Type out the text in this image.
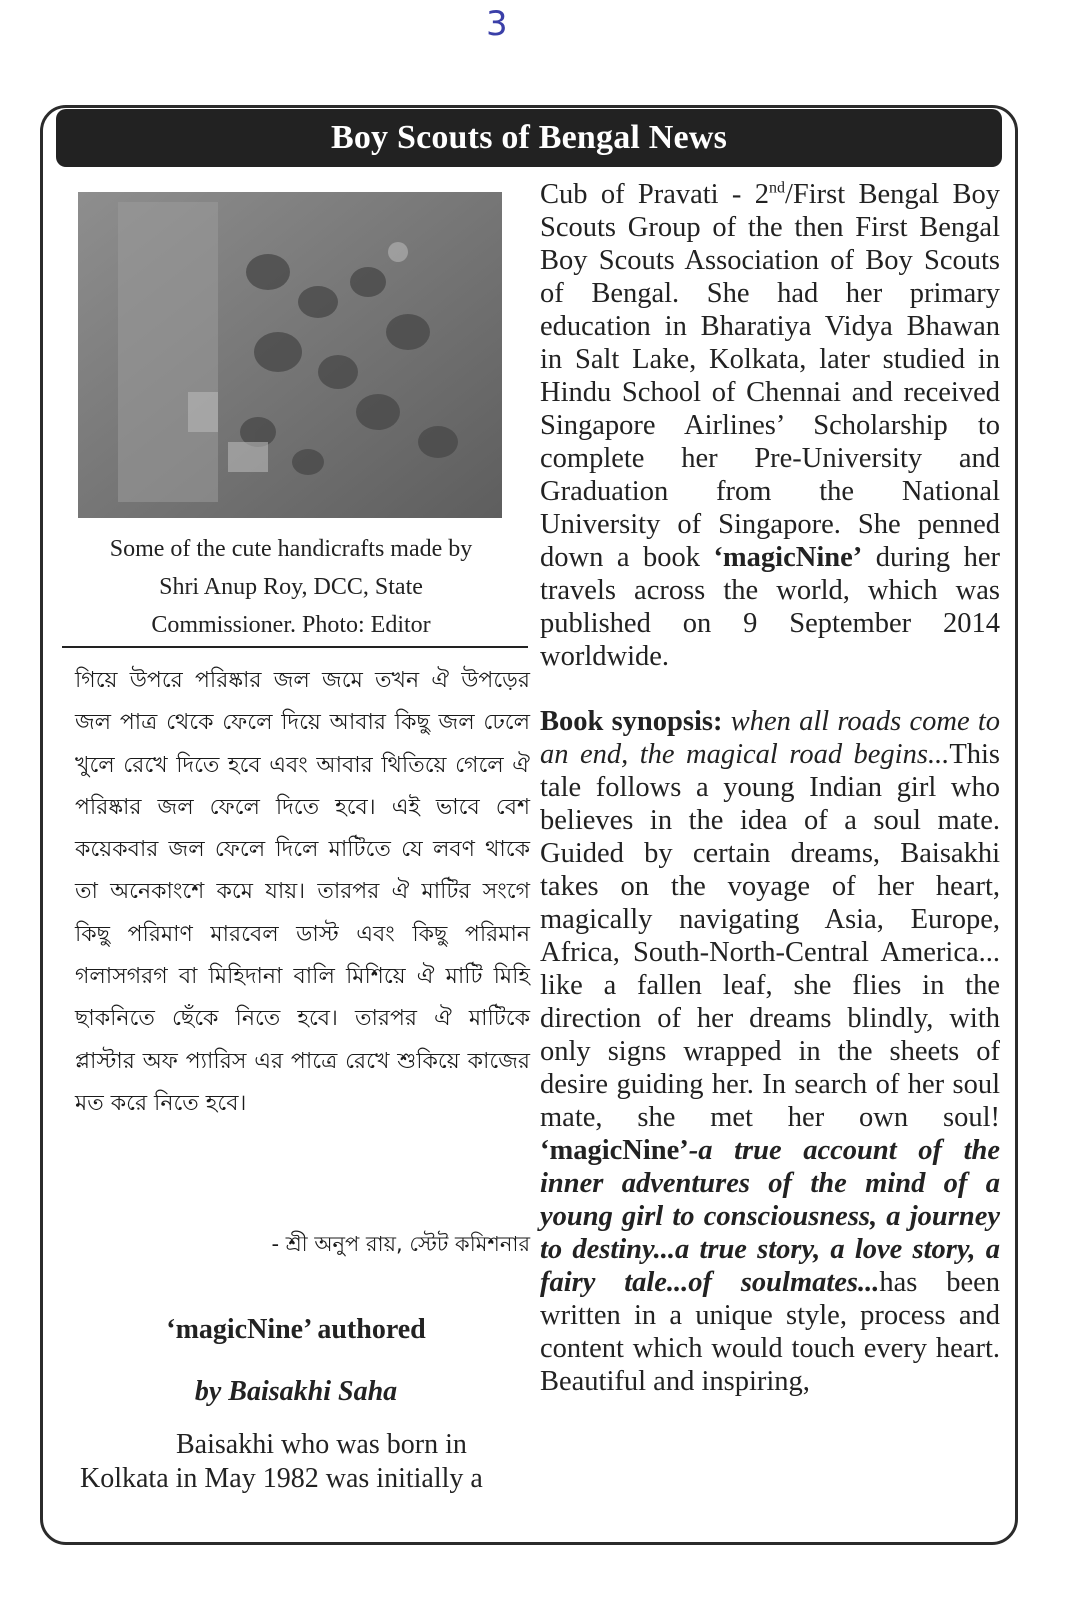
3
Boy Scouts of Bengal News
Some of the cute handicrafts made by
Shri Anup Roy, DCC, State
Commissioner. Photo: Editor
গিয়ে উপরে পরিষ্কার জল জমে তখন ঐ উপড়ের জল পাত্র থেকে ফেলে দিয়ে আবার কিছু জল ঢেলে খুলে রেখে দিতে হবে এবং আবার থিতিয়ে গেলে ঐ পরিষ্কার জল ফেলে দিতে হবে। এই ভাবে বেশ কয়েকবার জল ফেলে দিলে মাটিতে যে লবণ থাকে তা অনেকাংশে কমে যায়। তারপর ঐ মাটির সংগে কিছু পরিমাণ মারবেল ডাস্ট এবং কিছু পরিমান গলাসগরগ বা মিহিদানা বালি মিশিয়ে ঐ মাটি মিহি ছাকনিতে ছেঁকে নিতে হবে। তারপর ঐ মাটিকে প্লাস্টার অফ প্যারিস এর পাত্রে রেখে শুকিয়ে কাজের মত করে নিতে হবে।
- শ্রী অনুপ রায়, স্টেট কমিশনার
‘magicNine’ authored
by Baisakhi Saha
Baisakhi who was born in Kolkata in May 1982 was initially a

Cub of Pravati - 2nd/First Bengal Boy Scouts Group of the then First Bengal Boy Scouts Association of Boy Scouts of Bengal. She had her primary education in Bharatiya Vidya Bhawan in Salt Lake, Kolkata, later studied in Hindu School of Chennai and received Singapore Airlines’ Scholarship to complete her Pre-University and Graduation from the National University of Singapore. She penned down a book ‘magicNine’ during her travels across the world, which was published on 9 September 2014 worldwide.

Book synopsis: when all roads come to an end, the magical road begins...This tale follows a young Indian girl who believes in the idea of a soul mate. Guided by certain dreams, Baisakhi takes on the voyage of her heart, magically navigating Asia, Europe, Africa, South-North-Central America... like a fallen leaf, she flies in the direction of her dreams blindly, with only signs wrapped in the sheets of desire guiding her. In search of her soul mate, she met her own soul! ‘magicNine’-a true account of the inner adventures of the mind of a young girl to consciousness, a journey to destiny...a true story, a love story, a fairy tale...of soulmates...has been written in a unique style, process and content which would touch every heart. Beautiful and inspiring,
